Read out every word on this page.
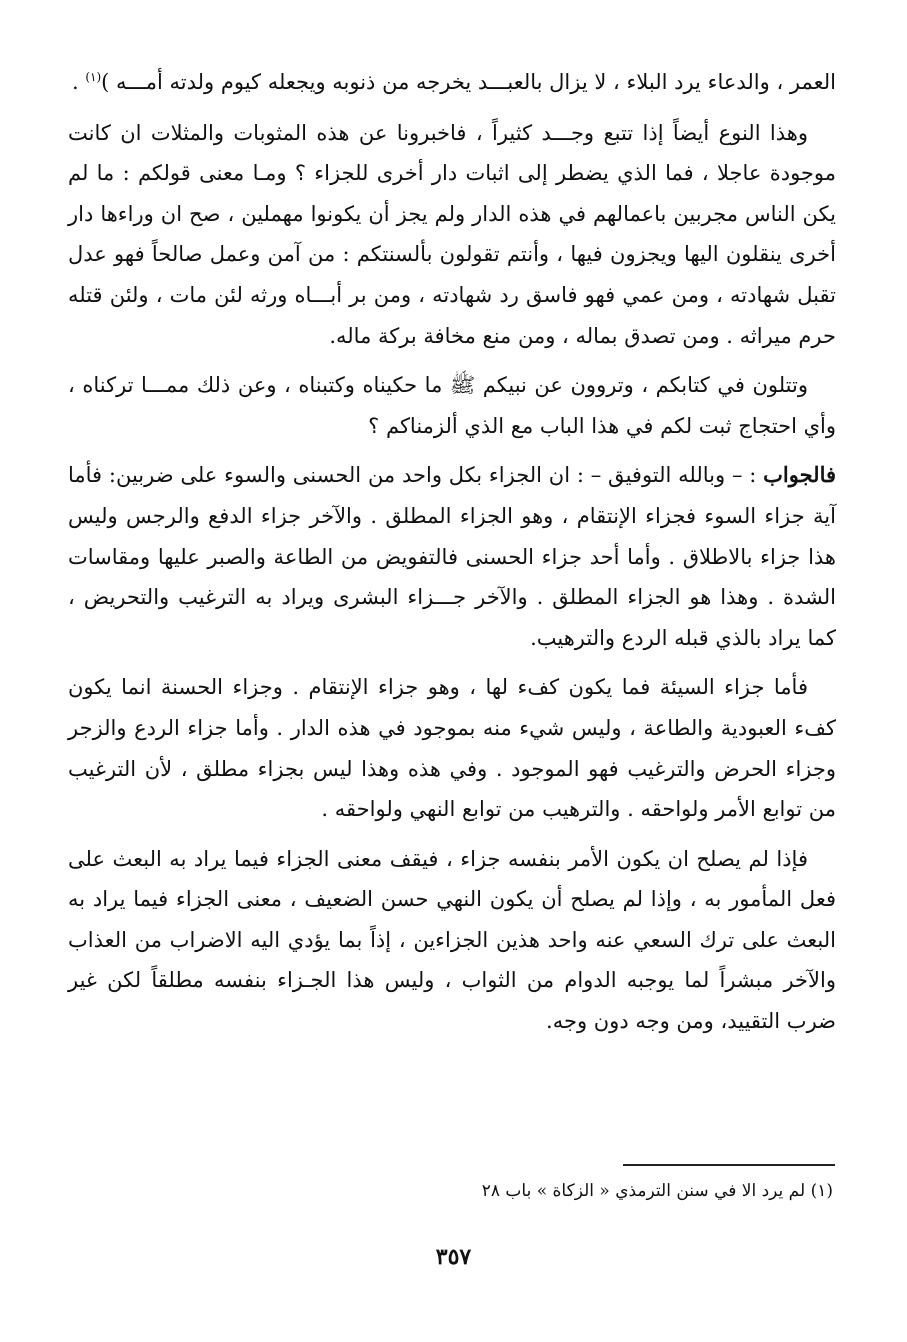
العمر ، والدعاء يرد البلاء ، لا يزال بالعبـــد يخرجه من ذنوبه ويجعله كيوم ولدته أمـــه )$^{(١)}$ .

وهذا النوع أيضاً إذا تتبع وجـــد كثيراً ، فاخبرونا عن هذه المثوبات والمثلات ان كانت موجودة عاجلا ، فما الذي يضطر إلى اثبات دار أخرى للجزاء ؟ ومـا معنى قولكم : ما لم يكن الناس مجربين باعمالهم في هذه الدار ولم يجز أن يكونوا مهملين ، صح ان وراءها دار أخرى ينقلون اليها ويجزون فيها ، وأنتم تقولون بألسنتكم : من آمن وعمل صالحاً فهو عدل تقبل شهادته ، ومن عمي فهو فاسق رد شهادته ، ومن بر أبـــاه ورثه لئن مات ، ولئن قتله حرم ميراثه . ومن تصدق بماله ، ومن منع مخافة بركة ماله.

وتتلون في كتابكم ، وتروون عن نبيكم ﷺ ما حكيناه وكتبناه ، وعن ذلك ممـــا تركناه ، وأي احتجاج ثبت لكم في هذا الباب مع الذي ألزمناكم ؟

فالجواب : – وبالله التوفيق – : ان الجزاء بكل واحد من الحسنى والسوء على ضربين: فأما آية جزاء السوء فجزاء الإنتقام ، وهو الجزاء المطلق . والآخر جزاء الدفع والرجس وليس هذا جزاء بالاطلاق . وأما أحد جزاء الحسنى فالتفويض من الطاعة والصبر عليها ومقاسات الشدة . وهذا هو الجزاء المطلق . والآخر جـــزاء البشرى ويراد به الترغيب والتحريض ، كما يراد بالذي قبله الردع والترهيب.

فأما جزاء السيئة فما يكون كفء لها ، وهو جزاء الإنتقام . وجزاء الحسنة انما يكون كفء العبودية والطاعة ، وليس شيء منه بموجود في هذه الدار . وأما جزاء الردع والزجر وجزاء الحرض والترغيب فهو الموجود . وفي هذه وهذا ليس بجزاء مطلق ، لأن الترغيب من توابع الأمر ولواحقه . والترهيب من توابع النهي ولواحقه .

فإذا لم يصلح ان يكون الأمر بنفسه جزاء ، فيقف معنى الجزاء فيما يراد به البعث على فعل المأمور به ، وإذا لم يصلح أن يكون النهي حسن الضعيف ، معنى الجزاء فيما يراد به البعث على ترك السعي عنه واحد هذين الجزاءين ، إذاً بما يؤدي اليه الاضراب من العذاب والآخر مبشراً لما يوجبه الدوام من الثواب ، وليس هذا الجـزاء بنفسه مطلقاً لكن غير ضرب التقييد، ومن وجه دون وجه.

(١) لم يرد الا في سنن الترمذي « الزكاة » باب ٢٨
٣٥٧
